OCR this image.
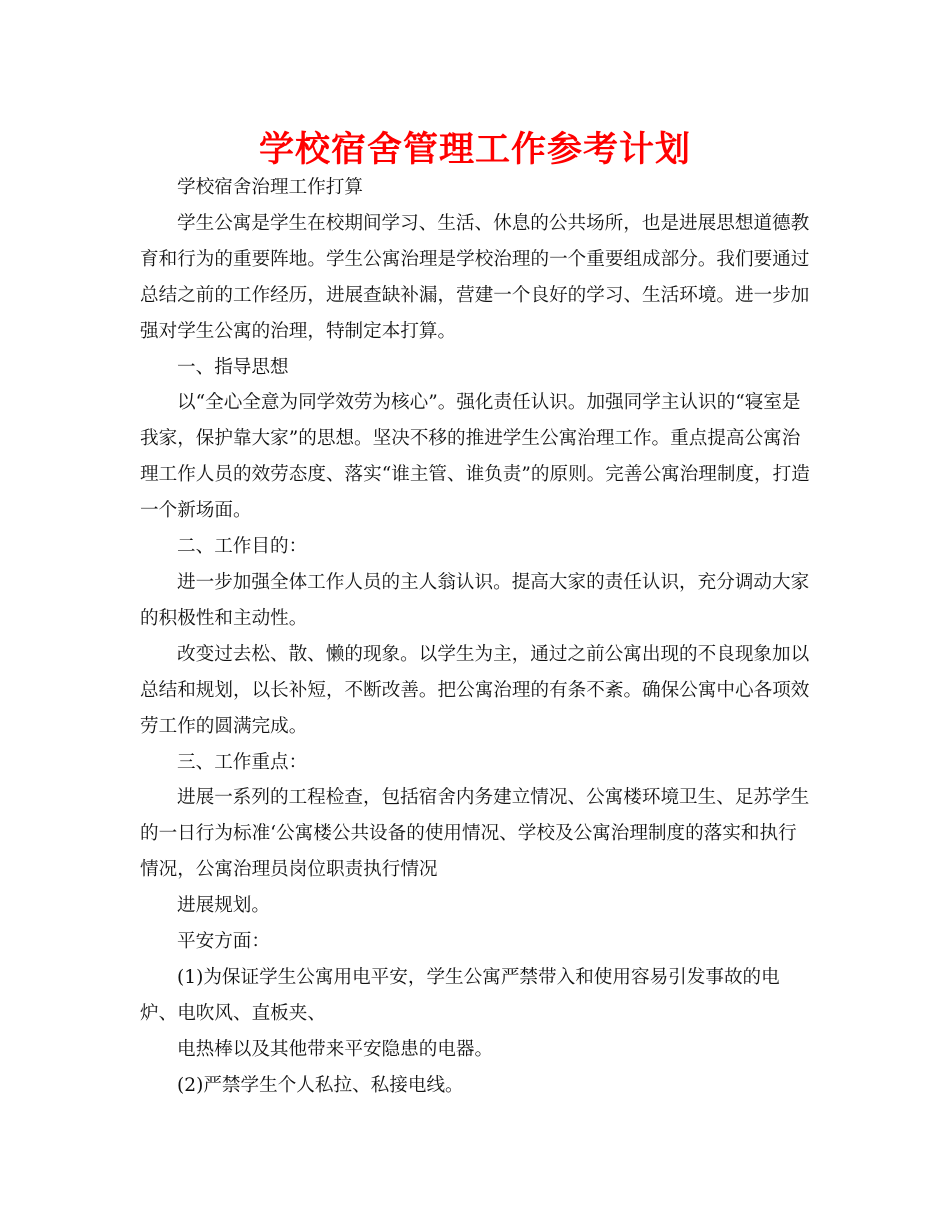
学校宿舍管理工作参考计划

学校宿舍治理工作打算

学生公寓是学生在校期间学习、生活、休息的公共场所，也是进展思想道德教育和行为的重要阵地。学生公寓治理是学校治理的一个重要组成部分。我们要通过总结之前的工作经历，进展查缺补漏，营建一个良好的学习、生活环境。进一步加强对学生公寓的治理，特制定本打算。

一、指导思想

以“全心全意为同学效劳为核心”。强化责任认识。加强同学主认识的“寝室是我家，保护靠大家”的思想。坚决不移的推进学生公寓治理工作。重点提高公寓治理工作人员的效劳态度、落实“谁主管、谁负责”的原则。完善公寓治理制度，打造一个新场面。

二、工作目的：

进一步加强全体工作人员的主人翁认识。提高大家的责任认识，充分调动大家的积极性和主动性。

改变过去松、散、懒的现象。以学生为主，通过之前公寓出现的不良现象加以总结和规划，以长补短，不断改善。把公寓治理的有条不紊。确保公寓中心各项效劳工作的圆满完成。

三、工作重点：

进展一系列的工程检查，包括宿舍内务建立情况、公寓楼环境卫生、足苏学生的一日行为标准‘公寓楼公共设备的使用情况、学校及公寓治理制度的落实和执行情况，公寓治理员岗位职责执行情况

进展规划。

平安方面：

(1)为保证学生公寓用电平安，学生公寓严禁带入和使用容易引发事故的电炉、电吹风、直板夹、

电热棒以及其他带来平安隐患的电器。

(2)严禁学生个人私拉、私接电线。
